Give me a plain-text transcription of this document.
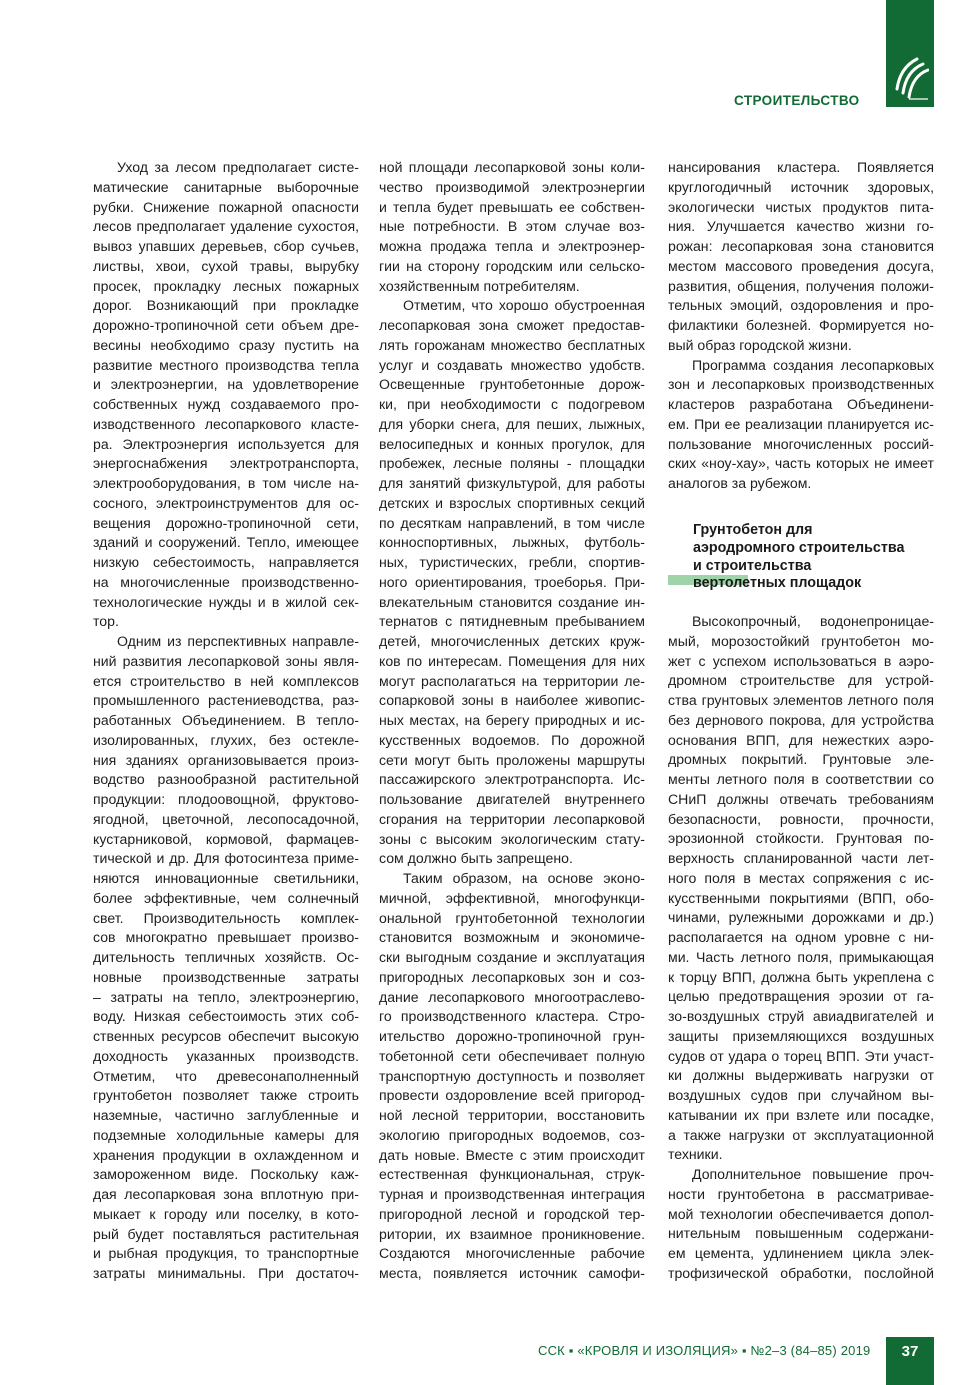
СТРОИТЕЛЬСТВО
Уход за лесом предполагает систе-
матические санитарные выборочные
рубки. Снижение пожарной опасности
лесов предполагает удаление сухостоя,
вывоз упавших деревьев, сбор сучьев,
листвы, хвои, сухой травы, вырубку
просек, прокладку лесных пожарных
дорог. Возникающий при прокладке
дорожно-тропиночной сети объем дре-
весины необходимо сразу пустить на
развитие местного производства тепла
и электроэнергии, на удовлетворение
собственных нужд создаваемого про-
изводственного лесопаркового класте-
ра. Электроэнергия используется для
энергоснабжения электротранспорта,
электрооборудования, в том числе на-
сосного, электроинструментов для ос-
вещения дорожно-тропиночной сети,
зданий и сооружений. Тепло, имеющее
низкую себестоимость, направляется
на многочисленные производственно-
технологические нужды и в жилой сек-
тор.
Одним из перспективных направле-
ний развития лесопарковой зоны явля-
ется строительство в ней комплексов
промышленного растениеводства, раз-
работанных Объединением. В тепло-
изолированных, глухих, без остекле-
ния зданиях организовывается произ-
водство разнообразной растительной
продукции: плодоовощной, фруктово-
ягодной, цветочной, лесопосадочной,
кустарниковой, кормовой, фармацев-
тической и др. Для фотосинтеза приме-
няются инновационные светильники,
более эффективные, чем солнечный
свет. Производительность комплек-
сов многократно превышает произво-
дительность тепличных хозяйств. Ос-
новные производственные затраты
– затраты на тепло, электроэнергию,
воду. Низкая себестоимость этих соб-
ственных ресурсов обеспечит высокую
доходность указанных производств.
Отметим, что древесонаполненный
грунтобетон позволяет также строить
наземные, частично заглубленные и
подземные холодильные камеры для
хранения продукции в охлажденном и
замороженном виде. Поскольку каж-
дая лесопарковая зона вплотную при-
мыкает к городу или поселку, в кото-
рый будет поставляться растительная
и рыбная продукция, то транспортные
затраты минимальны. При достаточ-
ной площади лесопарковой зоны коли-
чество производимой электроэнергии
и тепла будет превышать ее собствен-
ные потребности. В этом случае воз-
можна продажа тепла и электроэнер-
гии на сторону городским или сельско-
хозяйственным потребителям.
Отметим, что хорошо обустроенная
лесопарковая зона сможет предостав-
лять горожанам множество бесплатных
услуг и создавать множество удобств.
Освещенные грунтобетонные дорож-
ки, при необходимости с подогревом
для уборки снега, для пеших, лыжных,
велосипедных и конных прогулок, для
пробежек, лесные поляны - площадки
для занятий физкультурой, для работы
детских и взрослых спортивных секций
по десяткам направлений, в том числе
конноспортивных, лыжных, футболь-
ных, туристических, гребли, спортив-
ного ориентирования, троеборья. При-
влекательным становится создание ин-
тернатов с пятидневным пребыванием
детей, многочисленных детских круж-
ков по интересам. Помещения для них
могут располагаться на территории ле-
сопарковой зоны в наиболее живопис-
ных местах, на берегу природных и ис-
кусственных водоемов. По дорожной
сети могут быть проложены маршруты
пассажирского электротранспорта. Ис-
пользование двигателей внутреннего
сгорания на территории лесопарковой
зоны с высоким экологическим стату-
сом должно быть запрещено.
Таким образом, на основе эконо-
мичной, эффективной, многофункци-
ональной грунтобетонной технологии
становится возможным и экономиче-
ски выгодным создание и эксплуатация
пригородных лесопарковых зон и соз-
дание лесопаркового многоотраслево-
го производственного кластера. Стро-
ительство дорожно-тропиночной грун-
тобетонной сети обеспечивает полную
транспортную доступность и позволяет
провести оздоровление всей пригород-
ной лесной территории, восстановить
экологию пригородных водоемов, соз-
дать новые. Вместе с этим происходит
естественная функциональная, струк-
турная и производственная интеграция
пригородной лесной и городской тер-
ритории, их взаимное проникновение.
Создаются многочисленные рабочие
места, появляется источник самофи-
нансирования кластера. Появляется
круглогодичный источник здоровых,
экологически чистых продуктов пита-
ния. Улучшается качество жизни го-
рожан: лесопарковая зона становится
местом массового проведения досуга,
развития, общения, получения положи-
тельных эмоций, оздоровления и про-
филактики болезней. Формируется но-
вый образ городской жизни.
Программа создания лесопарковых
зон и лесопарковых производственных
кластеров разработана Объединени-
ем. При ее реализации планируется ис-
пользование многочисленных россий-
ских «ноу-хау», часть которых не имеет
аналогов за рубежом.
Грунтобетон для
аэродромного строительства
и строительства
вертолетных площадок
Высокопрочный, водонепроницае-
мый, морозостойкий грунтобетон мо-
жет с успехом использоваться в аэро-
дромном строительстве для устрой-
ства грунтовых элементов летного поля
без дернового покрова, для устройства
основания ВПП, для нежестких аэро-
дромных покрытий. Грунтовые эле-
менты летного поля в соответствии со
СНиП должны отвечать требованиям
безопасности, ровности, прочности,
эрозионной стойкости. Грунтовая по-
верхность спланированной части лет-
ного поля в местах сопряжения с ис-
кусственными покрытиями (ВПП, обо-
чинами, рулежными дорожками и др.)
располагается на одном уровне с ни-
ми. Часть летного поля, примыкающая
к торцу ВПП, должна быть укреплена с
целью предотвращения эрозии от га-
зо-воздушных струй авиадвигателей и
защиты приземляющихся воздушных
судов от удара о торец ВПП. Эти участ-
ки должны выдерживать нагрузки от
воздушных судов при случайном вы-
катывании их при взлете или посадке,
а также нагрузки от эксплуатационной
техники.
Дополнительное повышение проч-
ности грунтобетона в рассматривае-
мой технологии обеспечивается допол-
нительным повышенным содержани-
ем цемента, удлинением цикла элек-
трофизической обработки, послойной
ССК ▪ «КРОВЛЯ И ИЗОЛЯЦИЯ» ▪ №2–3 (84–85) 2019	37
